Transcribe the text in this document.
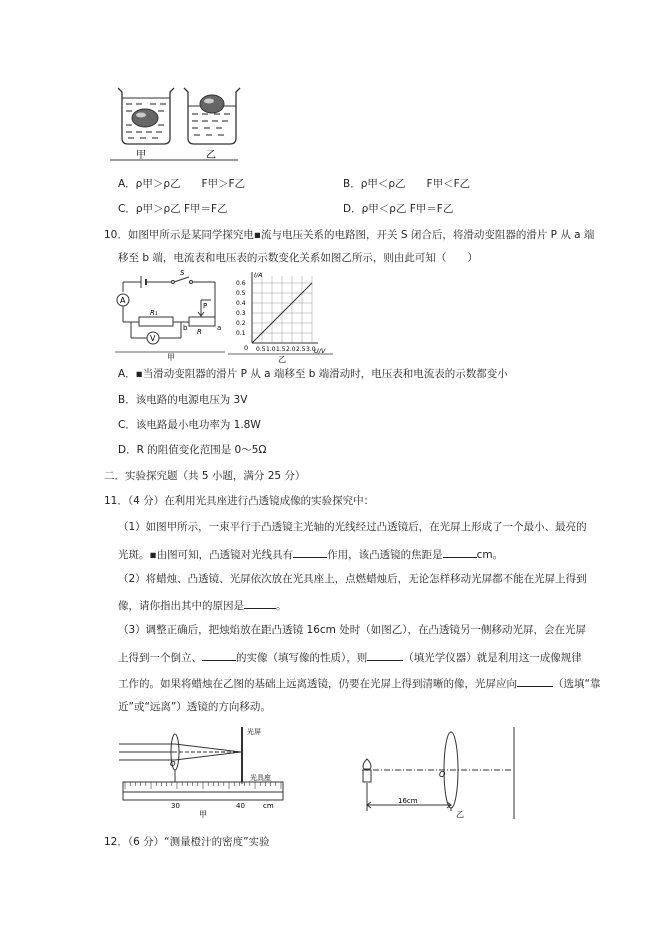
甲	乙
A．ρ甲＞ρ乙　　F甲＞F乙	B．ρ甲＜ρ乙　　F甲＜F乙
C．ρ甲＞ρ乙 F甲＝F乙	D．ρ甲＜ρ乙 F甲＝F乙
10．如图甲所示是某同学探究电▪流与电压关系的电路图，开关 S 闭合后，将滑动变阻器的滑片 P 从 a 端
移至 b 端，电流表和电压表的示数变化关系如图乙所示，则由此可知（　　）
A
V
S
P
R₁
R a
b
甲
I/A
U/V
0
0.6
0.5
0.4
0.3
0.2
0.1
0.5 1.0 1.5 2.0 2.5 3.0
乙
A．▪当滑动变阻器的滑片 P 从 a 端移至 b 端滑动时，电压表和电流表的示数都变小
B．该电路的电源电压为 3V
C．该电路最小电功率为 1.8W
D．R 的阻值变化范围是 0～5Ω
二．实验探究题（共 5 小题，满分 25 分）
11．（4 分）在利用光具座进行凸透镜成像的实验探究中：
（1）如图甲所示，一束平行于凸透镜主光轴的光线经过凸透镜后，在光屏上形成了一个最小、最亮的
光斑。▪由图可知，凸透镜对光线具有	作用，该凸透镜的焦距是	cm。
（2）将蜡烛、凸透镜、光屏依次放在光具座上，点燃蜡烛后，无论怎样移动光屏都不能在光屏上得到
像，请你指出其中的原因是	。
（3）调整正确后，把烛焰放在距凸透镜 16cm 处时（如图乙），在凸透镜另一侧移动光屏，会在光屏
上得到一个倒立、	的实像（填写像的性质），则	（填光学仪器）就是利用这一成像规律
工作的。如果将蜡烛在乙图的基础上远离透镜，仍要在光屏上得到清晰的像，光屏应向	（选填“靠
近”或“远离”）透镜的方向移动。
O
光屏
光具座
30	40	cm
甲
O
16cm
乙
12．（6 分）“测量橙汁的密度”实验
